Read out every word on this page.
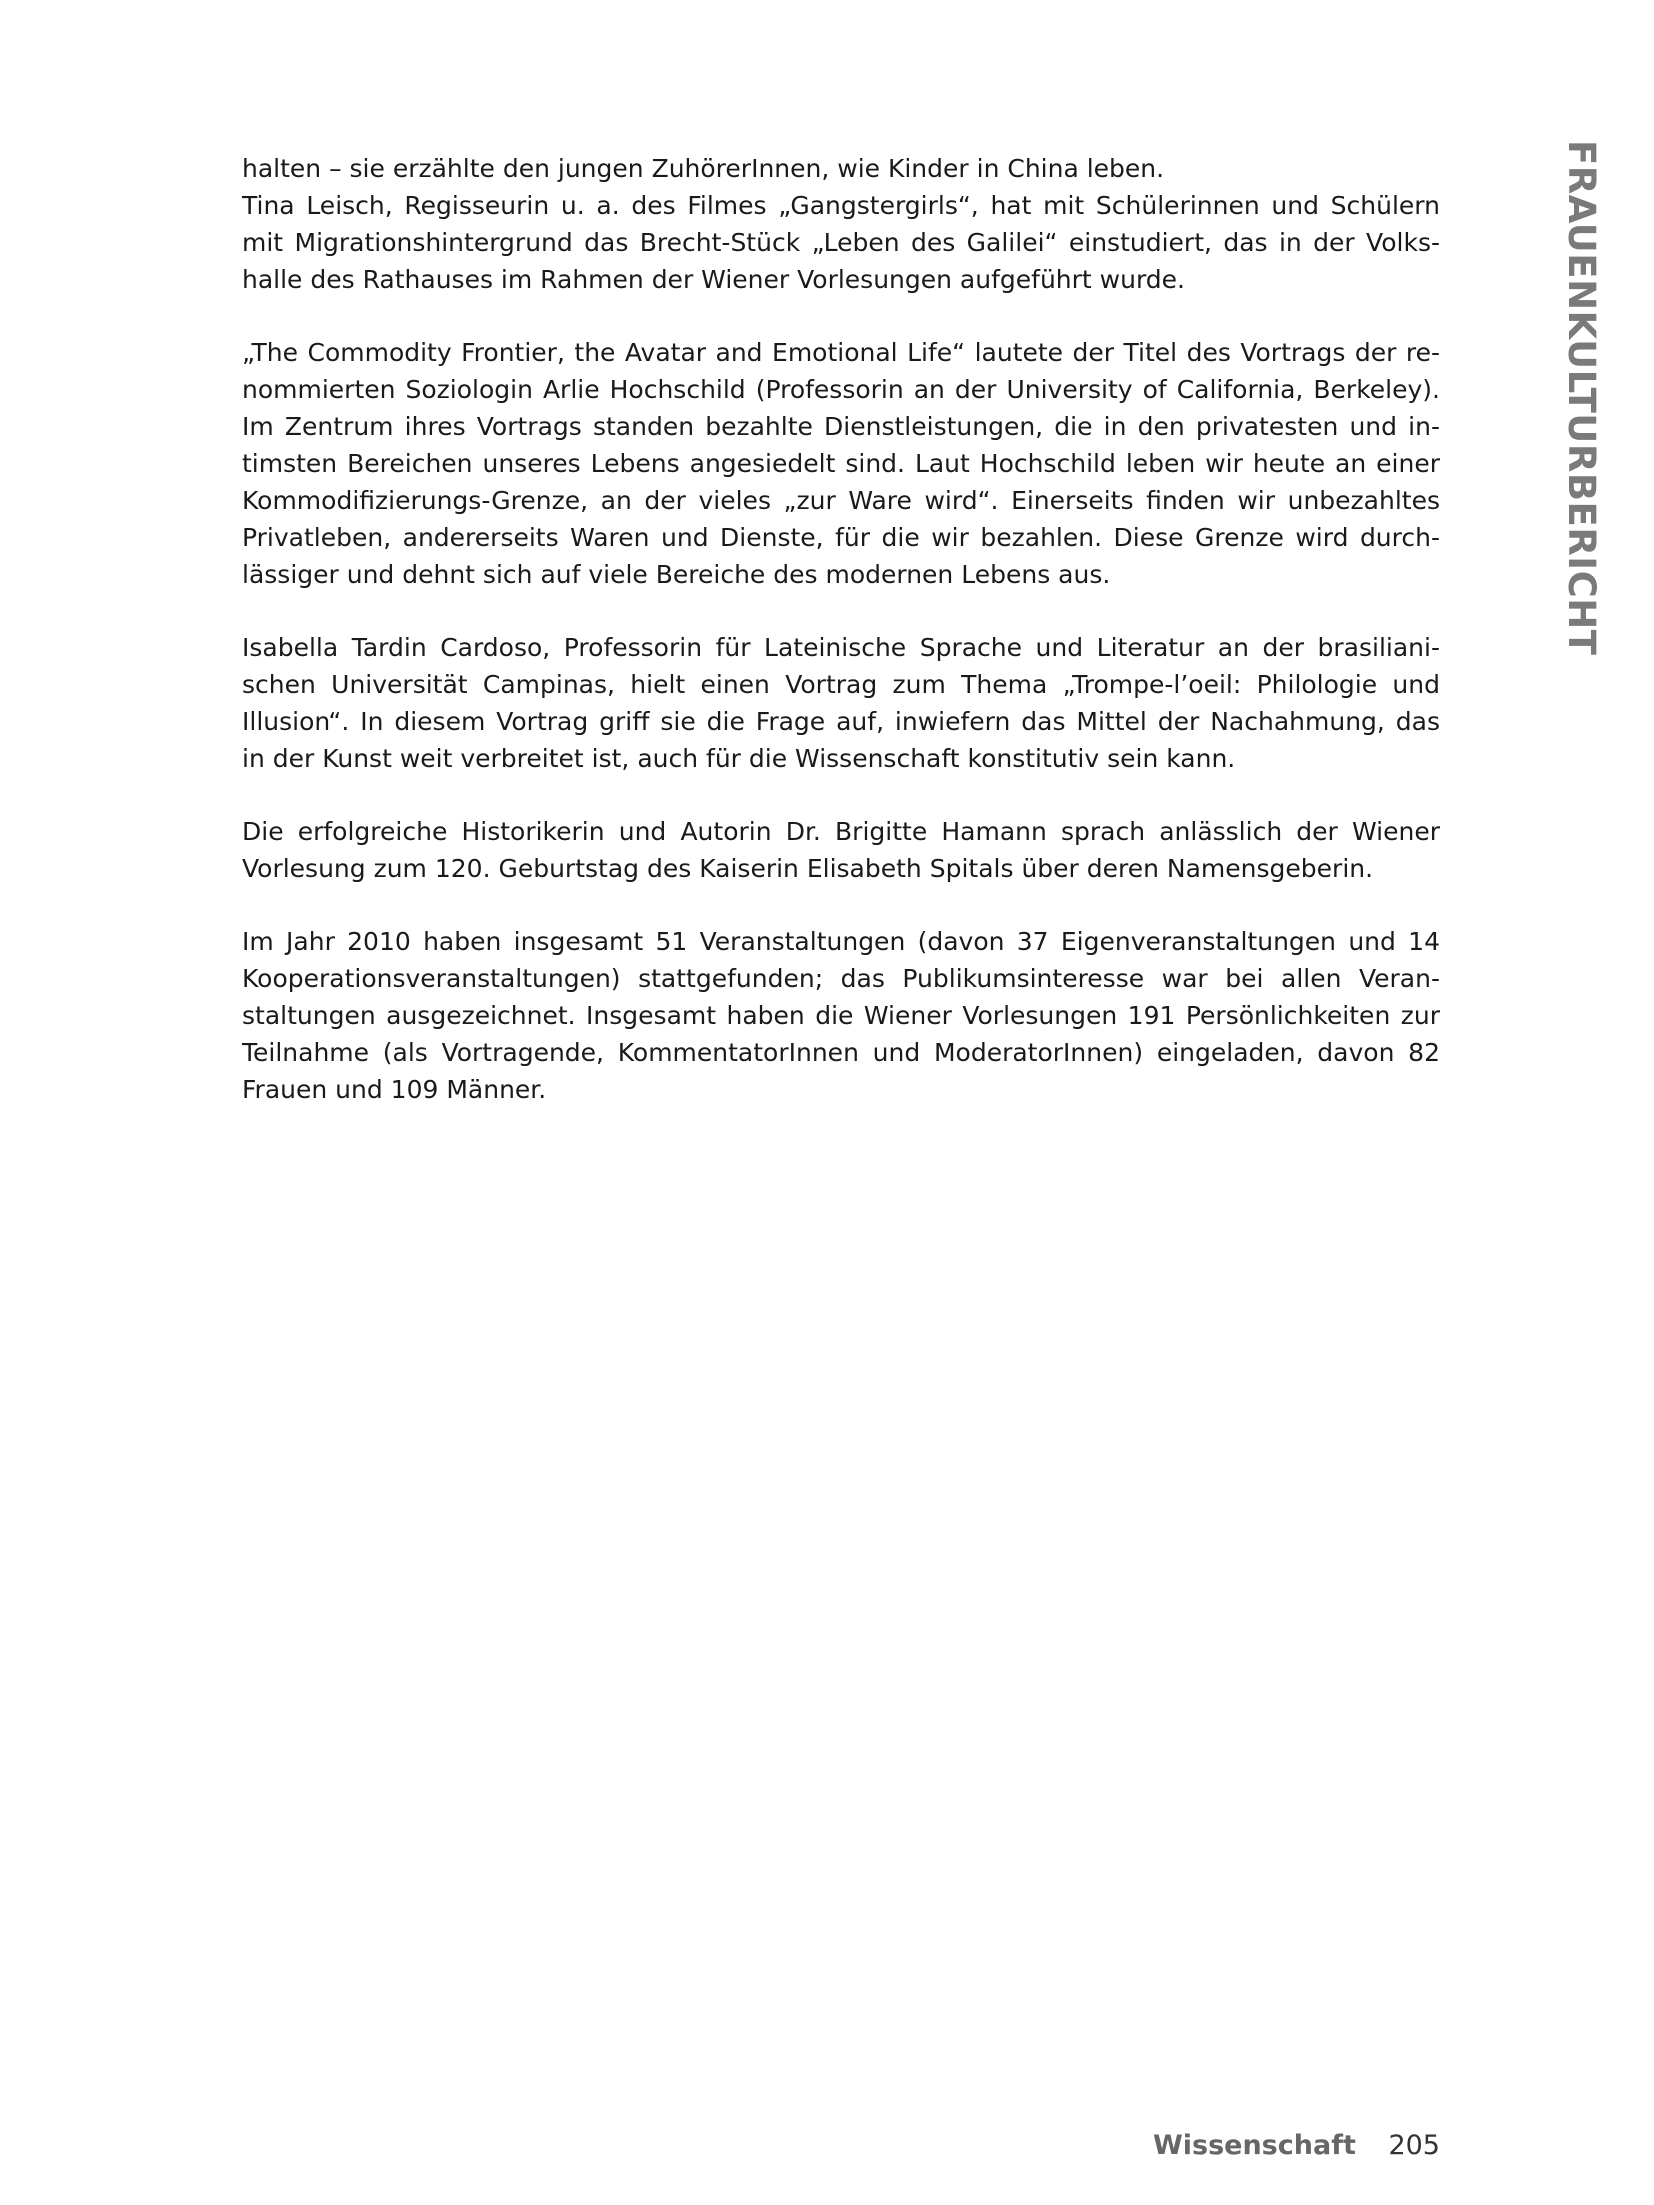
FRAUENKULTURBERICHT
halten – sie erzählte den jungen ZuhörerInnen, wie Kinder in China leben.
Tina Leisch, Regisseurin u. a. des Filmes „Gangstergirls“, hat mit Schülerinnen und Schülern
mit Migrationshintergrund das Brecht-Stück „Leben des Galilei“ einstudiert, das in der Volks-
halle des Rathauses im Rahmen der Wiener Vorlesungen aufgeführt wurde.
„The Commodity Frontier, the Avatar and Emotional Life“ lautete der Titel des Vortrags der re-
nommierten Soziologin Arlie Hochschild (Professorin an der University of California, Berkeley).
Im Zentrum ihres Vortrags standen bezahlte Dienstleistungen, die in den privatesten und in-
timsten Bereichen unseres Lebens angesiedelt sind. Laut Hochschild leben wir heute an einer
Kommodifizierungs-Grenze, an der vieles „zur Ware wird“. Einerseits finden wir unbezahltes
Privatleben, andererseits Waren und Dienste, für die wir bezahlen. Diese Grenze wird durch-
lässiger und dehnt sich auf viele Bereiche des modernen Lebens aus.
Isabella Tardin Cardoso, Professorin für Lateinische Sprache und Literatur an der brasiliani-
schen Universität Campinas, hielt einen Vortrag zum Thema „Trompe-l’oeil: Philologie und
Illusion“. In diesem Vortrag griff sie die Frage auf, inwiefern das Mittel der Nachahmung, das
in der Kunst weit verbreitet ist, auch für die Wissenschaft konstitutiv sein kann.
Die erfolgreiche Historikerin und Autorin Dr. Brigitte Hamann sprach anlässlich der Wiener
Vorlesung zum 120. Geburtstag des Kaiserin Elisabeth Spitals über deren Namensgeberin.
Im Jahr 2010 haben insgesamt 51 Veranstaltungen (davon 37 Eigenveranstaltungen und 14
Kooperationsveranstaltungen) stattgefunden; das Publikumsinteresse war bei allen Veran-
staltungen ausgezeichnet. Insgesamt haben die Wiener Vorlesungen 191 Persönlichkeiten zur
Teilnahme (als Vortragende, KommentatorInnen und ModeratorInnen) eingeladen, davon 82
Frauen und 109 Männer.
Wissenschaft 205
